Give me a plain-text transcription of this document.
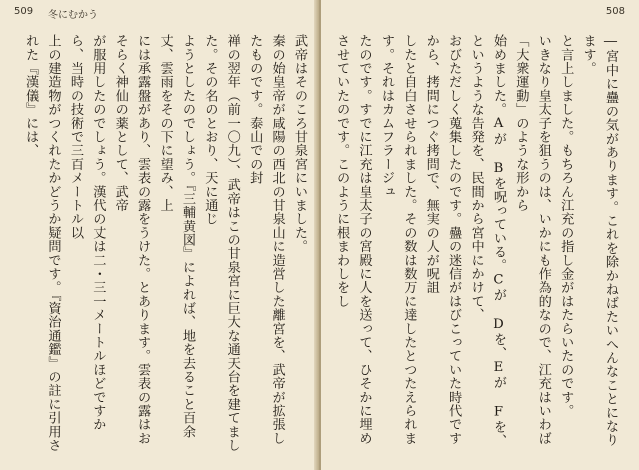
509 冬にむかう

武帝はそのころ甘泉宮にいました。

秦の始皇帝が咸陽の西北の甘泉山に造営した離宮を、武帝が拡張したものです。泰山での封

禅の翌年（前一〇九）、武帝はこの甘泉宮に巨大な通天台を建てました。その名のとおり、天に通じ

ようとしたのでしょう。『三輔黄図』によれば、地を去ること百余丈、雲雨をその下に望み、上

には承露盤があり、雲表の露をうけた。とあります。雲表の露はおそらく神仙の薬として、武帝

が服用したのでしょう。漢代の丈は二・三一メートルほどですから、当時の技術で三百メートル以

上の建造物がつくれたかどうか疑問です。『資治通鑑』の註に引用された『漢儀』には、

508

―宮中に蠱の気があります。これを除かねばたいへんなことになります。

と言上しました。もちろん江充の指し金がはたらいたのです。

いきなり皇太子を狙うのは、いかにも作為的なので、江充はいわば「大衆運動」のような形から

始めました。Aが Bを呪っている。Cが Dを、Eが Fを、というような告発を、民間から宮中にかけて、

おびただしく蒐集したのです。蠱の迷信がはびこっていた時代ですから、拷問につぐ拷問で、無実の人が呪詛

したと自白させられました。その数は数万に達したとつたえられます。それはカムフラージュ

たのです。すでに江充は皇太子の宮殿に人を送って、ひそかに埋めさせていたのです。このように根まわしをし
